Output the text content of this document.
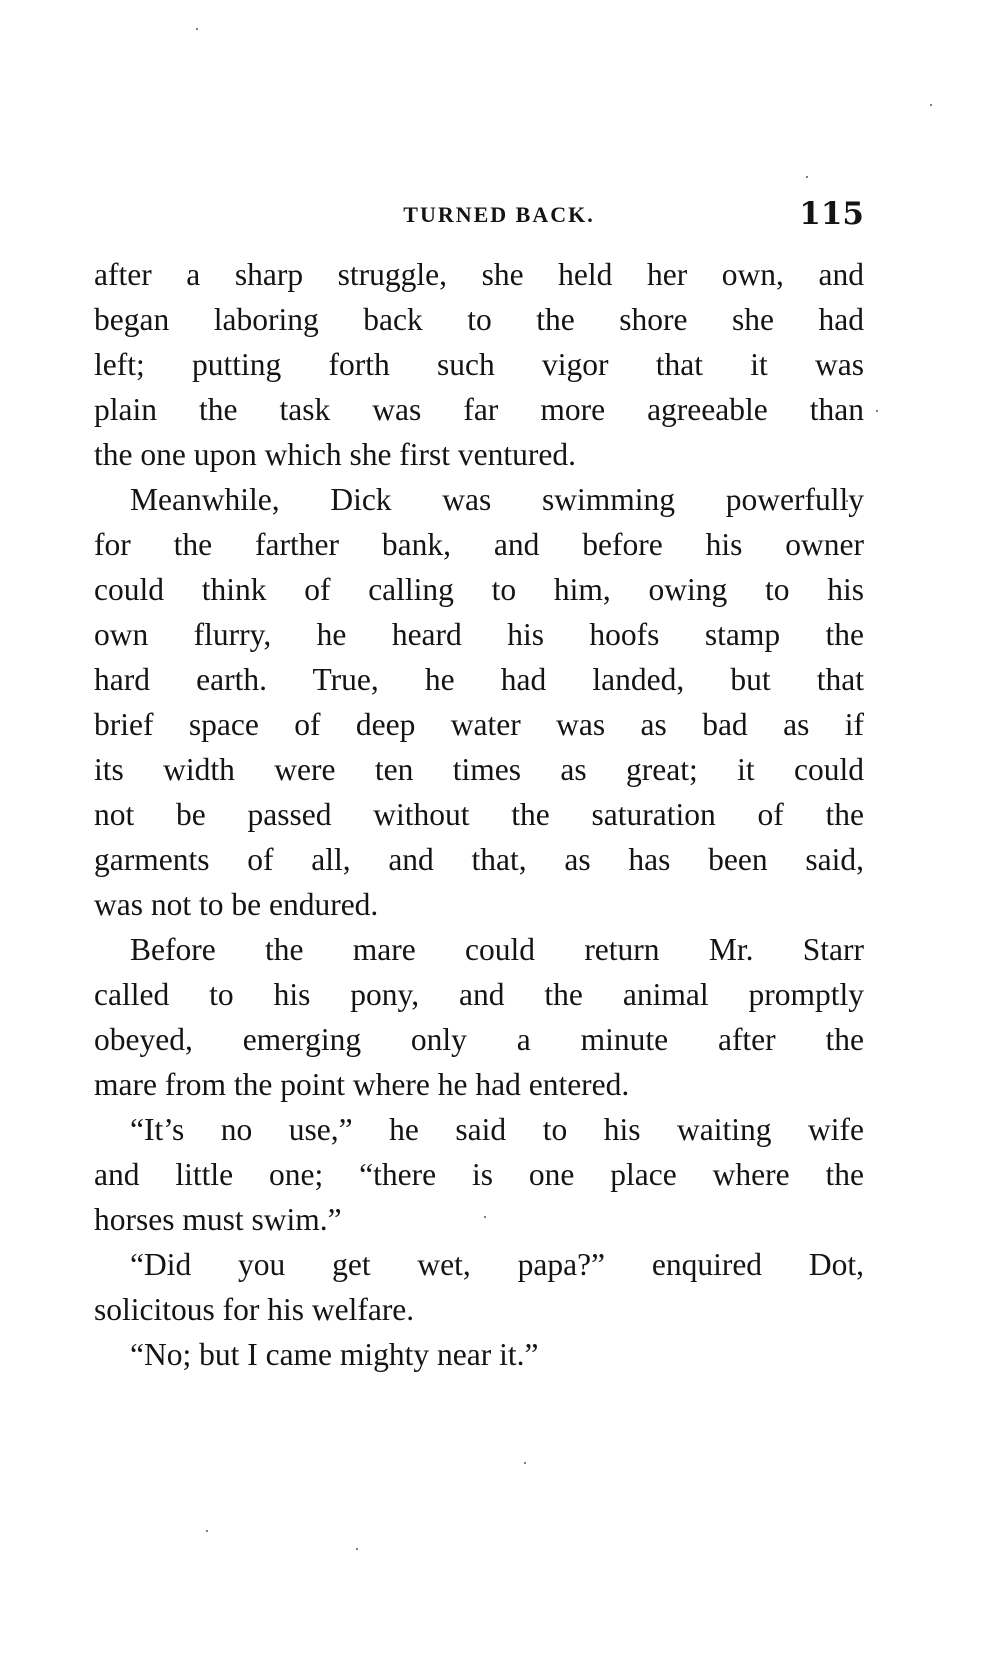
TURNED BACK.	115
after a sharp struggle, she held her own, and
began laboring back to the shore she had
left; putting forth such vigor that it was
plain the task was far more agreeable than
the one upon which she first ventured.
Meanwhile, Dick was swimming powerfully
for the farther bank, and before his owner
could think of calling to him, owing to his
own flurry, he heard his hoofs stamp the
hard earth. True, he had landed, but that
brief space of deep water was as bad as if
its width were ten times as great; it could
not be passed without the saturation of the
garments of all, and that, as has been said,
was not to be endured.
Before the mare could return Mr. Starr
called to his pony, and the animal promptly
obeyed, emerging only a minute after the
mare from the point where he had entered.
“It’s no use,” he said to his waiting wife
and little one; “there is one place where the
horses must swim.”
“Did you get wet, papa?” enquired Dot,
solicitous for his welfare.
“No; but I came mighty near it.”
